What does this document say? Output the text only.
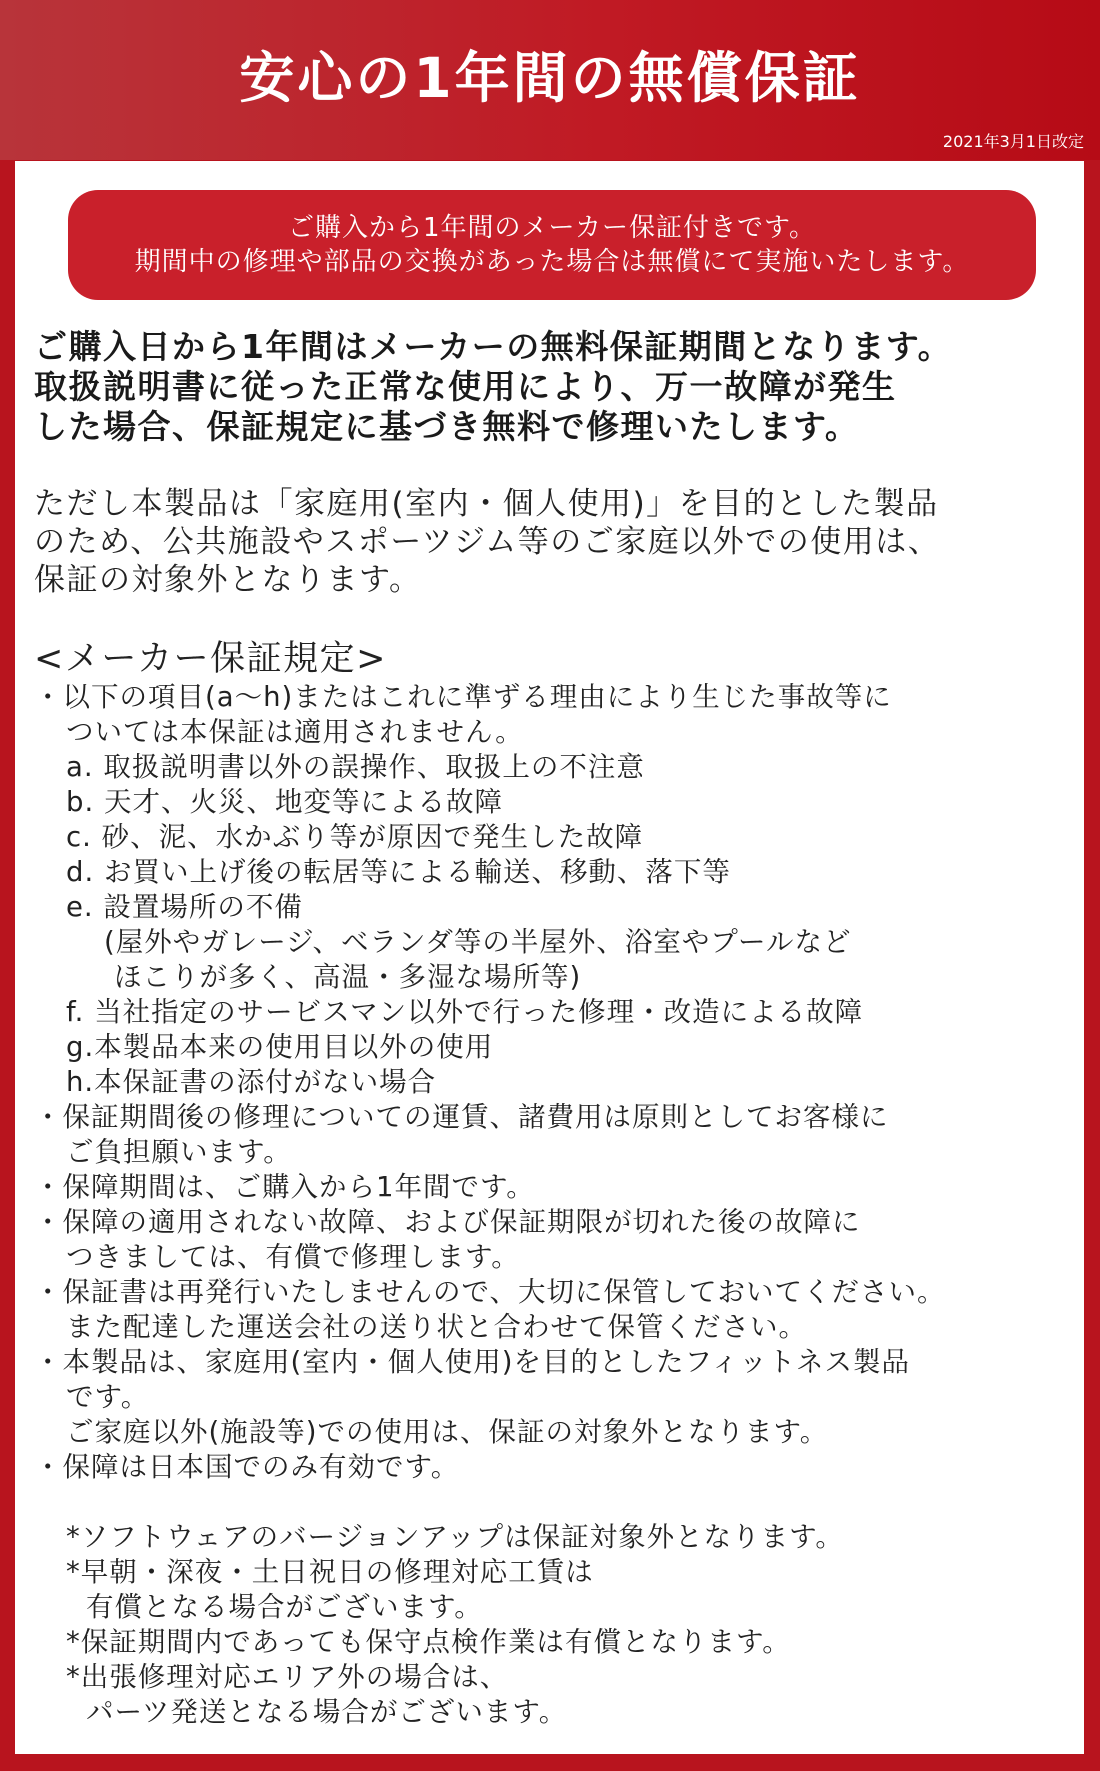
安心の1年間の無償保証
2021年3月1日改定
ご購入から1年間のメーカー保証付きです。
期間中の修理や部品の交換があった場合は無償にて実施いたします。
ご購入日から1年間はメーカーの無料保証期間となります。
取扱説明書に従った正常な使用により、万一故障が発生
した場合、保証規定に基づき無料で修理いたします。
ただし本製品は「家庭用(室内・個人使用)」を目的とした製品
のため、公共施設やスポーツジム等のご家庭以外での使用は、
保証の対象外となります。
<メーカー保証規定>
・以下の項目(a〜h)またはこれに準ずる理由により生じた事故等に
ついては本保証は適用されません。
a. 取扱説明書以外の誤操作、取扱上の不注意
b. 天才、火災、地変等による故障
c. 砂、泥、水かぶり等が原因で発生した故障
d. お買い上げ後の転居等による輸送、移動、落下等
e. 設置場所の不備
(屋外やガレージ、ベランダ等の半屋外、浴室やプールなど
ほこりが多く、高温・多湿な場所等)
f. 当社指定のサービスマン以外で行った修理・改造による故障
g.本製品本来の使用目以外の使用
h.本保証書の添付がない場合
・保証期間後の修理についての運賃、諸費用は原則としてお客様に
ご負担願います。
・保障期間は、ご購入から1年間です。
・保障の適用されない故障、および保証期限が切れた後の故障に
つきましては、有償で修理します。
・保証書は再発行いたしませんので、大切に保管しておいてください。
また配達した運送会社の送り状と合わせて保管ください。
・本製品は、家庭用(室内・個人使用)を目的としたフィットネス製品
です。
ご家庭以外(施設等)での使用は、保証の対象外となります。
・保障は日本国でのみ有効です。
*ソフトウェアのバージョンアップは保証対象外となります。
*早朝・深夜・土日祝日の修理対応工賃は
有償となる場合がございます。
*保証期間内であっても保守点検作業は有償となります。
*出張修理対応エリア外の場合は、
パーツ発送となる場合がございます。
